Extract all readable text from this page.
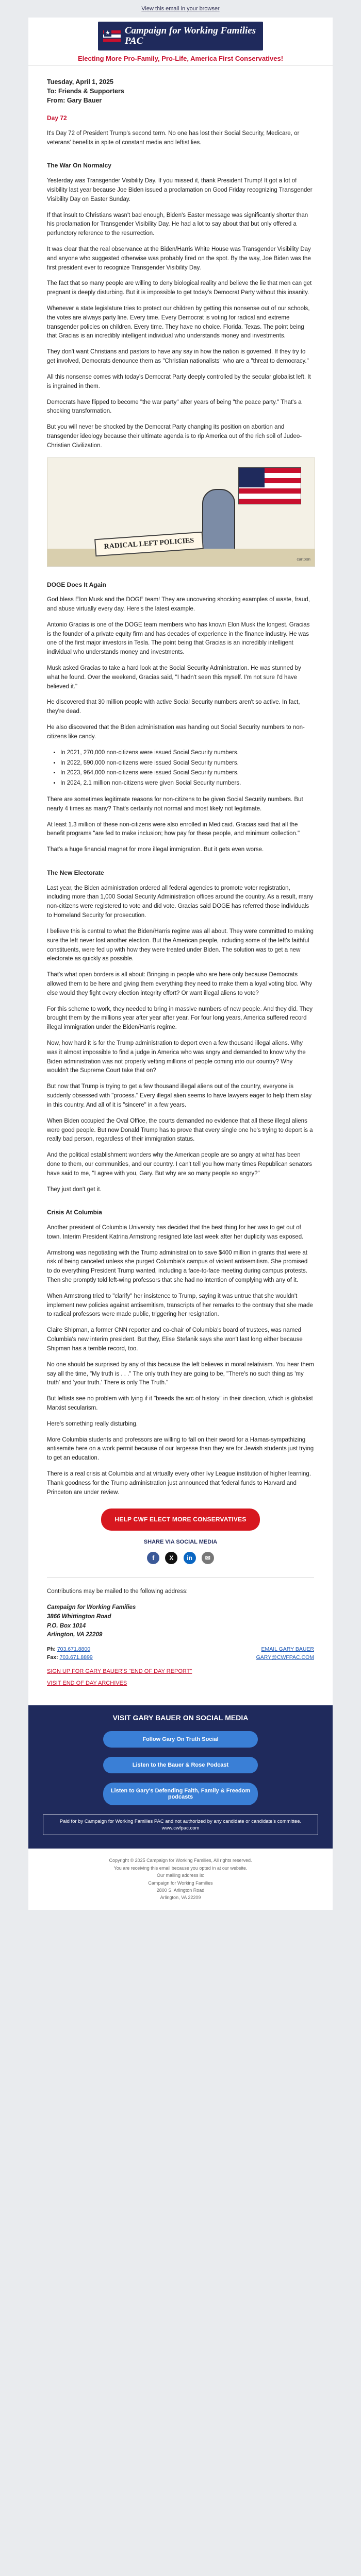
View this email in your browser
★ Campaign for Working Families
PAC
Electing More Pro-Family, Pro-Life, America First Conservatives!
Tuesday, April 1, 2025
To: Friends & Supporters
From: Gary Bauer
Day 72

It's Day 72 of President Trump's second term. No one has lost their Social Security, Medicare, or veterans' benefits in spite of constant media and leftist lies.

The War On Normalcy

Yesterday was Transgender Visibility Day. If you missed it, thank President Trump! It got a lot of visibility last year because Joe Biden issued a proclamation on Good Friday recognizing Transgender Visibility Day on Easter Sunday.

If that insult to Christians wasn't bad enough, Biden's Easter message was significantly shorter than his proclamation for Transgender Visibility Day. He had a lot to say about that but only offered a perfunctory reference to the resurrection.

It was clear that the real observance at the Biden/Harris White House was Transgender Visibility Day and anyone who suggested otherwise was probably fired on the spot. By the way, Joe Biden was the first president ever to recognize Transgender Visibility Day.

The fact that so many people are willing to deny biological reality and believe the lie that men can get pregnant is deeply disturbing. But it is impossible to get today's Democrat Party without this insanity.

Whenever a state legislature tries to protect our children by getting this nonsense out of our schools, the votes are always party line. Every time. Every Democrat is voting for radical and extreme transgender policies on children. Every time. They have no choice. Florida. Texas. The point being that Gracias is an incredibly intelligent individual who understands money and investments.

They don't want Christians and pastors to have any say in how the nation is governed. If they try to get involved, Democrats denounce them as "Christian nationalists" who are a "threat to democracy."

All this nonsense comes with today's Democrat Party deeply controlled by the secular globalist left. It is ingrained in them.

Democrats have flipped to become "the war party" after years of being "the peace party." That's a shocking transformation.

But you will never be shocked by the Democrat Party changing its position on abortion and transgender ideology because their ultimate agenda is to rip America out of the rich soil of Judeo-Christian Civilization.

RADICAL LEFT POLICIES
cartoon
DOGE Does It Again

God bless Elon Musk and the DOGE team! They are uncovering shocking examples of waste, fraud, and abuse virtually every day. Here's the latest example.

Antonio Gracias is one of the DOGE team members who has known Elon Musk the longest. Gracias is the founder of a private equity firm and has decades of experience in the finance industry. He was one of the first major investors in Tesla. The point being that Gracias is an incredibly intelligent individual who understands money and investments.

Musk asked Gracias to take a hard look at the Social Security Administration. He was stunned by what he found. Over the weekend, Gracias said, "I hadn't seen this myself. I'm not sure I'd have believed it."

He discovered that 30 million people with active Social Security numbers aren't so active. In fact, they're dead.

He also discovered that the Biden administration was handing out Social Security numbers to non-citizens like candy.

• In 2021, 270,000 non-citizens were issued Social Security numbers.
• In 2022, 590,000 non-citizens were issued Social Security numbers.
• In 2023, 964,000 non-citizens were issued Social Security numbers.
• In 2024, 2.1 million non-citizens were given Social Security numbers.

There are sometimes legitimate reasons for non-citizens to be given Social Security numbers. But nearly 4 times as many? That's certainly not normal and most likely not legitimate.

At least 1.3 million of these non-citizens were also enrolled in Medicaid. Gracias said that all the benefit programs "are fed to make inclusion; how pay for these people, and minimum collection."

That's a huge financial magnet for more illegal immigration. But it gets even worse.

The New Electorate

Last year, the Biden administration ordered all federal agencies to promote voter registration, including more than 1,000 Social Security Administration offices around the country. As a result, many non-citizens were registered to vote and did vote. Gracias said DOGE has referred those individuals to Homeland Security for prosecution.

I believe this is central to what the Biden/Harris regime was all about. They were committed to making sure the left never lost another election. But the American people, including some of the left's faithful constituents, were fed up with how they were treated under Biden. The solution was to get a new electorate as quickly as possible.

That's what open borders is all about: Bringing in people who are here only because Democrats allowed them to be here and giving them everything they need to make them a loyal voting bloc. Why else would they fight every election integrity effort? Or want illegal aliens to vote?

For this scheme to work, they needed to bring in massive numbers of new people. And they did. They brought them by the millions year after year after year. For four long years, America suffered record illegal immigration under the Biden/Harris regime.

Now, how hard it is for the Trump administration to deport even a few thousand illegal aliens. Why was it almost impossible to find a judge in America who was angry and demanded to know why the Biden administration was not properly vetting millions of people coming into our country? Why wouldn't the Supreme Court take that on?

But now that Trump is trying to get a few thousand illegal aliens out of the country, everyone is suddenly obsessed with "process." Every illegal alien seems to have lawyers eager to help them stay in this country. And all of it is "sincere" in a few years.

When Biden occupied the Oval Office, the courts demanded no evidence that all these illegal aliens were good people. But now Donald Trump has to prove that every single one he's trying to deport is a really bad person, regardless of their immigration status.

And the political establishment wonders why the American people are so angry at what has been done to them, our communities, and our country. I can't tell you how many times Republican senators have said to me, "I agree with you, Gary. But why are so many people so angry?"

They just don't get it.

Crisis At Columbia

Another president of Columbia University has decided that the best thing for her was to get out of town. Interim President Katrina Armstrong resigned late last week after her duplicity was exposed.

Armstrong was negotiating with the Trump administration to save $400 million in grants that were at risk of being canceled unless she purged Columbia's campus of violent antisemitism. She promised to do everything President Trump wanted, including a face-to-face meeting during campus protests. Then she promptly told left-wing professors that she had no intention of complying with any of it.

When Armstrong tried to "clarify" her insistence to Trump, saying it was untrue that she wouldn't implement new policies against antisemitism, transcripts of her remarks to the contrary that she made to radical professors were made public, triggering her resignation.

Claire Shipman, a former CNN reporter and co-chair of Columbia's board of trustees, was named Columbia's new interim president. But they, Elise Stefanik says she won't last long either because Shipman has a terrible record, too.

No one should be surprised by any of this because the left believes in moral relativism. You hear them say all the time, "My truth is . . ." The only truth they are going to be, "There's no such thing as 'my truth' and 'your truth.' There is only The Truth."

But leftists see no problem with lying if it "breeds the arc of history" in their direction, which is globalist Marxist secularism.

Here's something really disturbing.

More Columbia students and professors are willing to fall on their sword for a Hamas-sympathizing antisemite here on a work permit because of our largesse than they are for Jewish students just trying to get an education.

There is a real crisis at Columbia and at virtually every other Ivy League institution of higher learning. Thank goodness for the Trump administration just announced that federal funds to Harvard and Princeton are under review.

HELP CWF ELECT MORE CONSERVATIVES
SHARE VIA SOCIAL MEDIA
f X in ✉

Contributions may be mailed to the following address:

Campaign for Working Families
3866 Whittington Road
P.O. Box 1014
Arlington, VA 22209
Ph: 703.671.8800
Fax: 703.671.8899
EMAIL GARY BAUER
GARY@CWFPAC.COM
SIGN UP FOR GARY BAUER'S "END OF DAY REPORT"
VISIT END OF DAY ARCHIVES
VISIT GARY BAUER ON SOCIAL MEDIA
Follow Gary On Truth Social
Listen to the Bauer & Rose Podcast
Listen to Gary's Defending Faith, Family & Freedom podcasts
Paid for by Campaign for Working Families PAC and not authorized by any candidate or candidate's committee. www.cwfpac.com
Copyright © 2025 Campaign for Working Families, All rights reserved.
You are receiving this email because you opted in at our website.
Our mailing address is:
Campaign for Working Families
2800 S. Arlington Road
Arlington, VA 22209
